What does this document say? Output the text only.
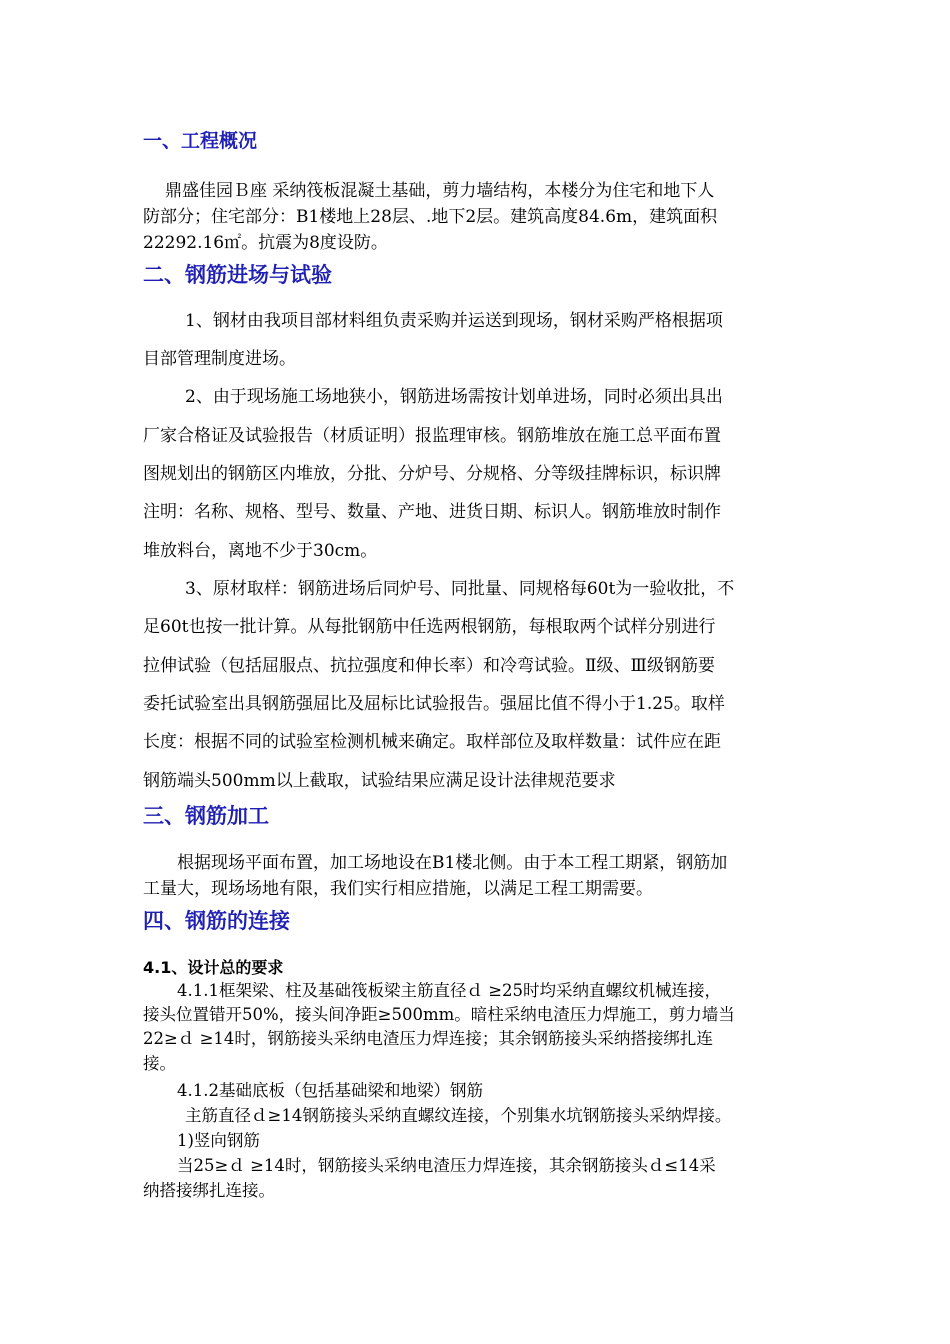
一、工程概况
鼎盛佳园Ｂ座 采纳筏板混凝土基础，剪力墙结构，本楼分为住宅和地下人
防部分；住宅部分：B1楼地上28层、.地下2层。建筑高度84.6m，建筑面积
22292.16㎡。抗震为8度设防。
二、钢筋进场与试验
1、钢材由我项目部材料组负责采购并运送到现场，钢材采购严格根据项
目部管理制度进场。
2、由于现场施工场地狭小，钢筋进场需按计划单进场，同时必须出具出
厂家合格证及试验报告（材质证明）报监理审核。钢筋堆放在施工总平面布置
图规划出的钢筋区内堆放，分批、分炉号、分规格、分等级挂牌标识，标识牌
注明：名称、规格、型号、数量、产地、进货日期、标识人。钢筋堆放时制作
堆放料台，离地不少于30cm。
3、原材取样：钢筋进场后同炉号、同批量、同规格每60t为一验收批，不
足60t也按一批计算。从每批钢筋中任选两根钢筋，每根取两个试样分别进行
拉伸试验（包括屈服点、抗拉强度和伸长率）和冷弯试验。Ⅱ级、Ⅲ级钢筋要
委托试验室出具钢筋强屈比及屈标比试验报告。强屈比值不得小于1.25。取样
长度：根据不同的试验室检测机械来确定。取样部位及取样数量：试件应在距
钢筋端头500mm以上截取，试验结果应满足设计法律规范要求
三、钢筋加工
根据现场平面布置，加工场地设在B1楼北侧。由于本工程工期紧，钢筋加
工量大，现场场地有限，我们实行相应措施，以满足工程工期需要。
四、钢筋的连接
4.1、设计总的要求
4.1.1框架梁、柱及基础筏板梁主筋直径ｄ ≥25时均采纳直螺纹机械连接，
接头位置错开50%，接头间净距≥500mm。暗柱采纳电渣压力焊施工，剪力墙当
22≥ｄ ≥14时，钢筋接头采纳电渣压力焊连接；其余钢筋接头采纳搭接绑扎连
接。
4.1.2基础底板（包括基础梁和地梁）钢筋
主筋直径ｄ≥14钢筋接头采纳直螺纹连接，个别集水坑钢筋接头采纳焊接。
1)竖向钢筋
当25≥ｄ ≥14时，钢筋接头采纳电渣压力焊连接，其余钢筋接头ｄ≤14采
纳搭接绑扎连接。
